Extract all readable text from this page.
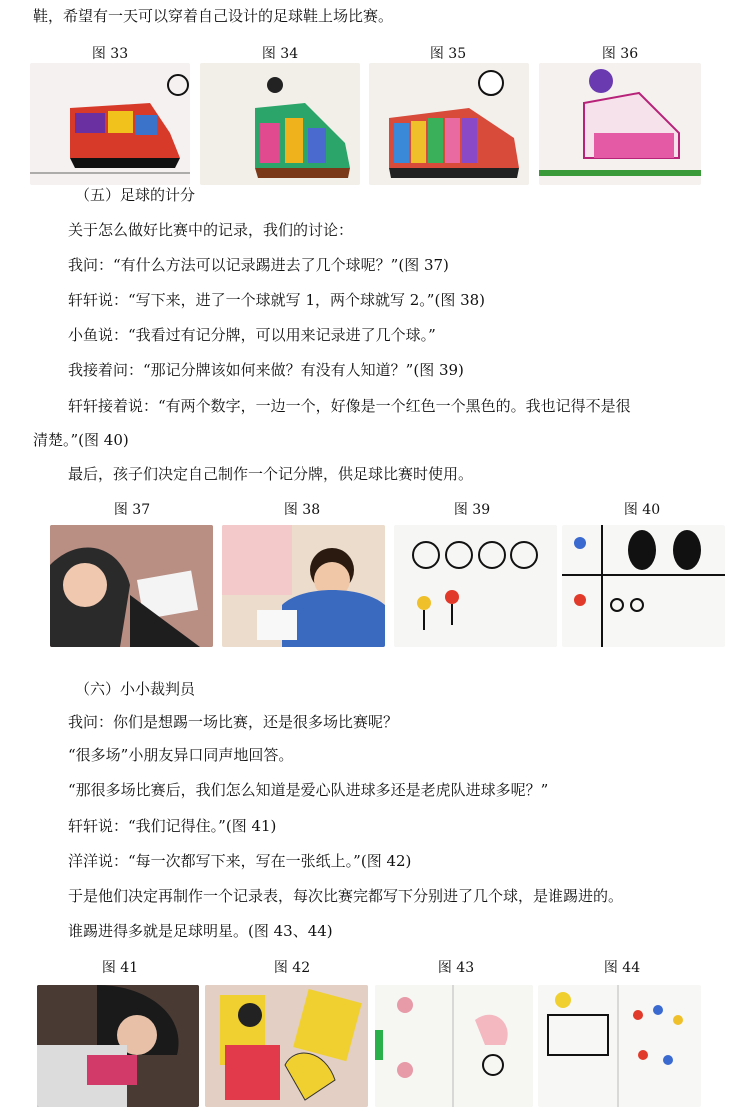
鞋，希望有一天可以穿着自己设计的足球鞋上场比赛。
图 33	图 34	图 35	图 36
（五）足球的计分
关于怎么做好比赛中的记录，我们的讨论：
我问：“有什么方法可以记录踢进去了几个球呢？”(图 37)
轩轩说：“写下来，进了一个球就写 1，两个球就写 2。”(图 38)
小鱼说：“我看过有记分牌，可以用来记录进了几个球。”
我接着问：“那记分牌该如何来做？有没有人知道？”(图 39)
轩轩接着说：“有两个数字，一边一个，好像是一个红色一个黑色的。我也记得不是很
清楚。”(图 40)
最后，孩子们决定自己制作一个记分牌，供足球比赛时使用。
图 37	图 38	图 39	图 40
（六）小小裁判员
我问：你们是想踢一场比赛，还是很多场比赛呢？
“很多场”小朋友异口同声地回答。
“那很多场比赛后，我们怎么知道是爱心队进球多还是老虎队进球多呢？”
轩轩说：“我们记得住。”(图 41)
洋洋说：“每一次都写下来，写在一张纸上。”(图 42)
于是他们决定再制作一个记录表，每次比赛完都写下分别进了几个球，是谁踢进的。
谁踢进得多就是足球明星。(图 43、44)
图 41	图 42	图 43	图 44
